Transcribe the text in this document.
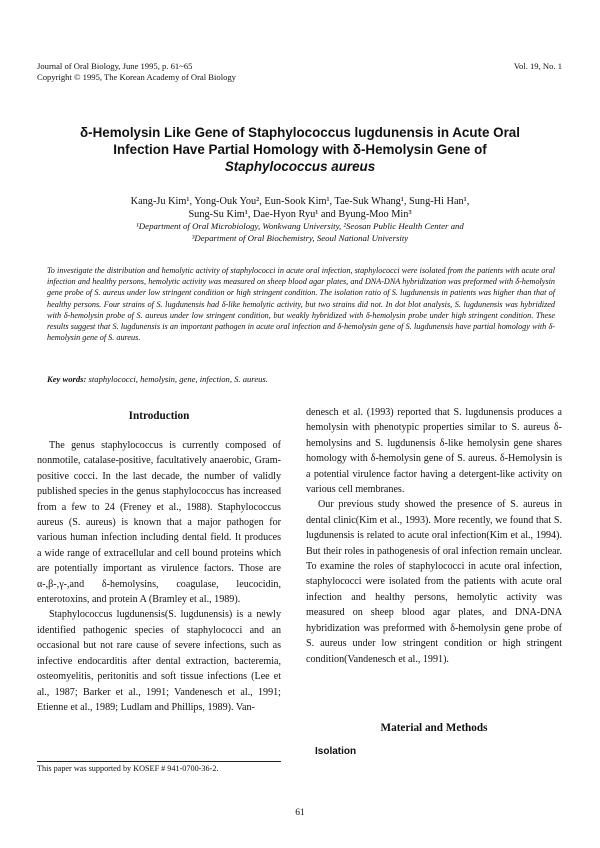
Journal of Oral Biology, June 1995, p. 61~65
Copyright © 1995, The Korean Academy of Oral Biology
Vol. 19, No. 1
δ-Hemolysin Like Gene of Staphylococcus lugdunensis in Acute Oral
Infection Have Partial Homology with δ-Hemolysin Gene of
Staphylococcus aureus
Kang-Ju Kim¹, Yong-Ouk You², Eun-Sook Kim¹, Tae-Suk Whang¹, Sung-Hi Han¹,
Sung-Su Kim¹, Dae-Hyon Ryu¹ and Byung-Moo Min³
¹Department of Oral Microbiology, Wonkwang University, ²Seosan Public Health Center and
³Department of Oral Biochemistry, Seoul National University
To investigate the distribution and hemolytic activity of staphylococci in acute oral infection, staphylococci were isolated from the patients with acute oral infection and healthy persons, hemolytic activity was measured on sheep blood agar plates, and DNA-DNA hybridization was preformed with δ-hemolysin gene probe of S. aureus under low stringent condition or high stringent condition. The isolation ratio of S. lugdunensis in patients was higher than that of healthy persons. Four strains of S. lugdunensis had δ-like hemolytic activity, but two strains did not. In dot blot analysis, S. lugdunensis was hybridized with δ-hemolysin probe of S. aureus under low stringent condition, but weakly hybridized with δ-hemolysin probe under high stringent condition. These results suggest that S. lugdunensis is an important pathogen in acute oral infection and δ-hemolysin gene of S. lugdunensis have partial homology with δ-hemolysin gene of S. aureus.
Key words: staphylococci, hemolysin, gene, infection, S. aureus.
Introduction

The genus staphylococcus is currently composed of nonmotile, catalase-positive, facultatively anaerobic, Gram-positive cocci. In the last decade, the number of validly published species in the genus staphylococcus has increased from a few to 24 (Freney et al., 1988). Staphylococcus aureus (S. aureus) is known that a major pathogen for various human infection including dental field. It produces a wide range of extracellular and cell bound proteins which are potentially important as virulence factors. Those are α-,β-,γ-,and δ-hemolysins, coagulase, leucocidin, enterotoxins, and protein A (Bramley et al., 1989).

Staphylococcus lugdunensis(S. lugdunensis) is a newly identified pathogenic species of staphylococci and an occasional but not rare cause of severe infections, such as infective endocarditis after dental extraction, bacteremia, osteomyelitis, peritonitis and soft tissue infections (Lee et al., 1987; Barker et al., 1991; Vandenesch et al., 1991; Etienne et al., 1989; Ludlam and Phillips, 1989). Van-

denesch et al. (1993) reported that S. lugdunensis produces a hemolysin with phenotypic properties similar to S. aureus δ-hemolysins and S. lugdunensis δ-like hemolysin gene shares homology with δ-hemolysin gene of S. aureus. δ-Hemolysin is a potential virulence factor having a detergent-like activity on various cell membranes.

Our previous study showed the presence of S. aureus in dental clinic(Kim et al., 1993). More recently, we found that S. lugdunensis is related to acute oral infection(Kim et al., 1994). But their roles in pathogenesis of oral infection remain unclear. To examine the roles of staphylococci in acute oral infection, staphylococci were isolated from the patients with acute oral infection and healthy persons, hemolytic activity was measured on sheep blood agar plates, and DNA-DNA hybridization was preformed with δ-hemolysin gene probe of S. aureus under low stringent condition or high stringent condition(Vandenesch et al., 1991).

Material and Methods
Isolation
This paper was supported by KOSEF # 941-0700-36-2.
61
